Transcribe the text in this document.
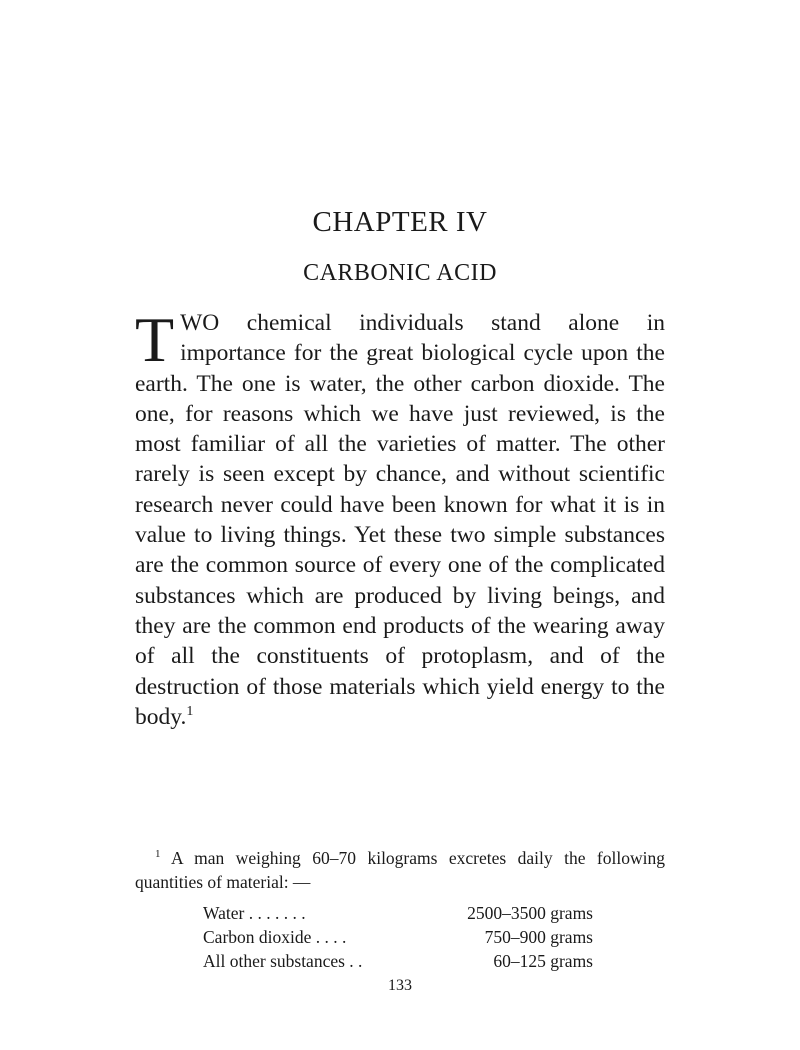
CHAPTER IV
CARBONIC ACID

TWO chemical individuals stand alone in importance for the great biological cycle upon the earth. The one is water, the other carbon dioxide. The one, for reasons which we have just reviewed, is the most familiar of all the varieties of matter. The other rarely is seen except by chance, and without scientific research never could have been known for what it is in value to living things. Yet these two simple substances are the common source of every one of the complicated substances which are produced by living beings, and they are the common end products of the wearing away of all the constituents of protoplasm, and of the destruction of those materials which yield energy to the body.$^1$

$^1$ A man weighing 60–70 kilograms excretes daily the following quantities of material: —

Water . . . . . . .	2500–3500 grams
Carbon dioxide . . . .	750–900 grams
All other substances . .	60–125 grams

133
